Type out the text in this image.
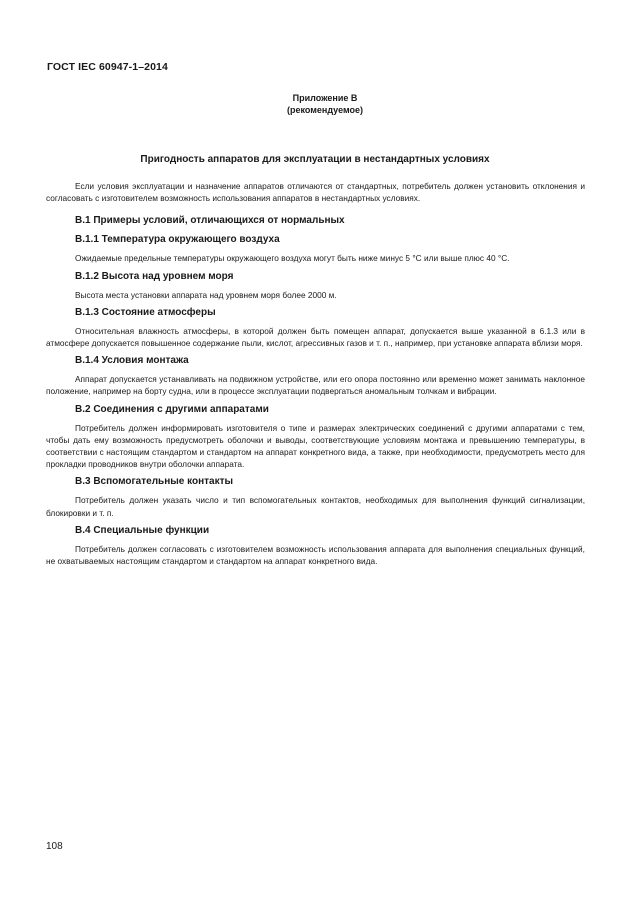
ГОСТ IEC 60947-1–2014
Приложение В
(рекомендуемое)
Пригодность аппаратов для эксплуатации в нестандартных условиях

Если условия эксплуатации и назначение аппаратов отличаются от стандартных, потребитель должен установить отклонения и согласовать с изготовителем возможность использования аппаратов в нестандартных условиях.

В.1 Примеры условий, отличающихся от нормальных
В.1.1 Температура окружающего воздуха

Ожидаемые предельные температуры окружающего воздуха могут быть ниже минус 5 °С или выше плюс 40 °С.

В.1.2 Высота над уровнем моря

Высота места установки аппарата над уровнем моря более 2000 м.

В.1.3 Состояние атмосферы

Относительная влажность атмосферы, в которой должен быть помещен аппарат, допускается выше указанной в 6.1.3 или в атмосфере допускается повышенное содержание пыли, кислот, агрессивных газов и т. п., например, при установке аппарата вблизи моря.

В.1.4 Условия монтажа

Аппарат допускается устанавливать на подвижном устройстве, или его опора постоянно или временно может занимать наклонное положение, например на борту судна, или в процессе эксплуатации подвергаться аномальным толчкам и вибрации.

В.2 Соединения с другими аппаратами

Потребитель должен информировать изготовителя о типе и размерах электрических соединений с другими аппаратами с тем, чтобы дать ему возможность предусмотреть оболочки и выводы, соответствующие условиям монтажа и превышению температуры, в соответствии с настоящим стандартом и стандартом на аппарат конкретного вида, а также, при необходимости, предусмотреть место для прокладки проводников внутри оболочки аппарата.

В.3 Вспомогательные контакты

Потребитель должен указать число и тип вспомогательных контактов, необходимых для выполнения функций сигнализации, блокировки и т. п.

В.4 Специальные функции

Потребитель должен согласовать с изготовителем возможность использования аппарата для выполнения специальных функций, не охватываемых настоящим стандартом и стандартом на аппарат конкретного вида.

108
